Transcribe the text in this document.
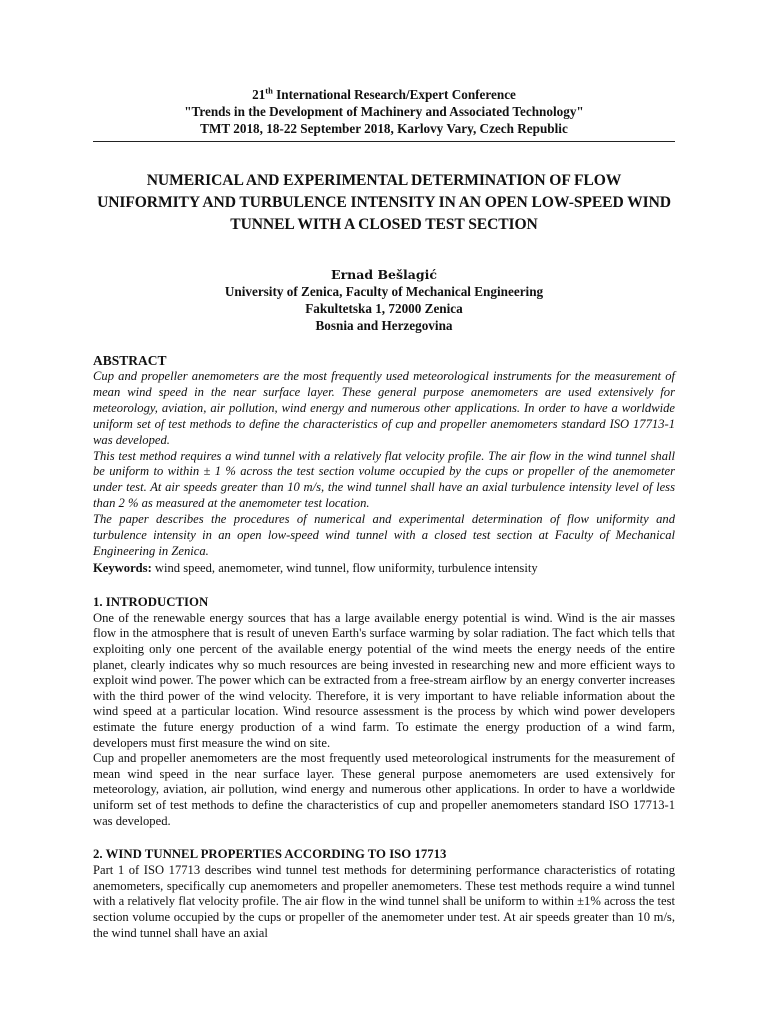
21th International Research/Expert Conference
"Trends in the Development of Machinery and Associated Technology"
TMT 2018, 18-22 September 2018, Karlovy Vary, Czech Republic
NUMERICAL AND EXPERIMENTAL DETERMINATION OF FLOW UNIFORMITY AND TURBULENCE INTENSITY IN AN OPEN LOW-SPEED WIND TUNNEL WITH A CLOSED TEST SECTION
Ernad Bešlagić
University of Zenica, Faculty of Mechanical Engineering
Fakultetska 1, 72000 Zenica
Bosnia and Herzegovina
ABSTRACT

Cup and propeller anemometers are the most frequently used meteorological instruments for the measurement of mean wind speed in the near surface layer. These general purpose anemometers are used extensively for meteorology, aviation, air pollution, wind energy and numerous other applications. In order to have a worldwide uniform set of test methods to define the characteristics of cup and propeller anemometers standard ISO 17713-1 was developed.

This test method requires a wind tunnel with a relatively flat velocity profile. The air flow in the wind tunnel shall be uniform to within ± 1 % across the test section volume occupied by the cups or propeller of the anemometer under test. At air speeds greater than 10 m/s, the wind tunnel shall have an axial turbulence intensity level of less than 2 % as measured at the anemometer test location.

The paper describes the procedures of numerical and experimental determination of flow uniformity and turbulence intensity in an open low-speed wind tunnel with a closed test section at Faculty of Mechanical Engineering in Zenica.

Keywords: wind speed, anemometer, wind tunnel, flow uniformity, turbulence intensity

1. INTRODUCTION

One of the renewable energy sources that has a large available energy potential is wind. Wind is the air masses flow in the atmosphere that is result of uneven Earth's surface warming by solar radiation. The fact which tells that exploiting only one percent of the available energy potential of the wind meets the energy needs of the entire planet, clearly indicates why so much resources are being invested in researching new and more efficient ways to exploit wind power. The power which can be extracted from a free-stream airflow by an energy converter increases with the third power of the wind velocity. Therefore, it is very important to have reliable information about the wind speed at a particular location. Wind resource assessment is the process by which wind power developers estimate the future energy production of a wind farm. To estimate the energy production of a wind farm, developers must first measure the wind on site.

Cup and propeller anemometers are the most frequently used meteorological instruments for the measurement of mean wind speed in the near surface layer. These general purpose anemometers are used extensively for meteorology, aviation, air pollution, wind energy and numerous other applications. In order to have a worldwide uniform set of test methods to define the characteristics of cup and propeller anemometers standard ISO 17713-1 was developed.

2. WIND TUNNEL PROPERTIES ACCORDING TO ISO 17713

Part 1 of ISO 17713 describes wind tunnel test methods for determining performance characteristics of rotating anemometers, specifically cup anemometers and propeller anemometers. These test methods require a wind tunnel with a relatively flat velocity profile. The air flow in the wind tunnel shall be uniform to within ±1% across the test section volume occupied by the cups or propeller of the anemometer under test. At air speeds greater than 10 m/s, the wind tunnel shall have an axial
